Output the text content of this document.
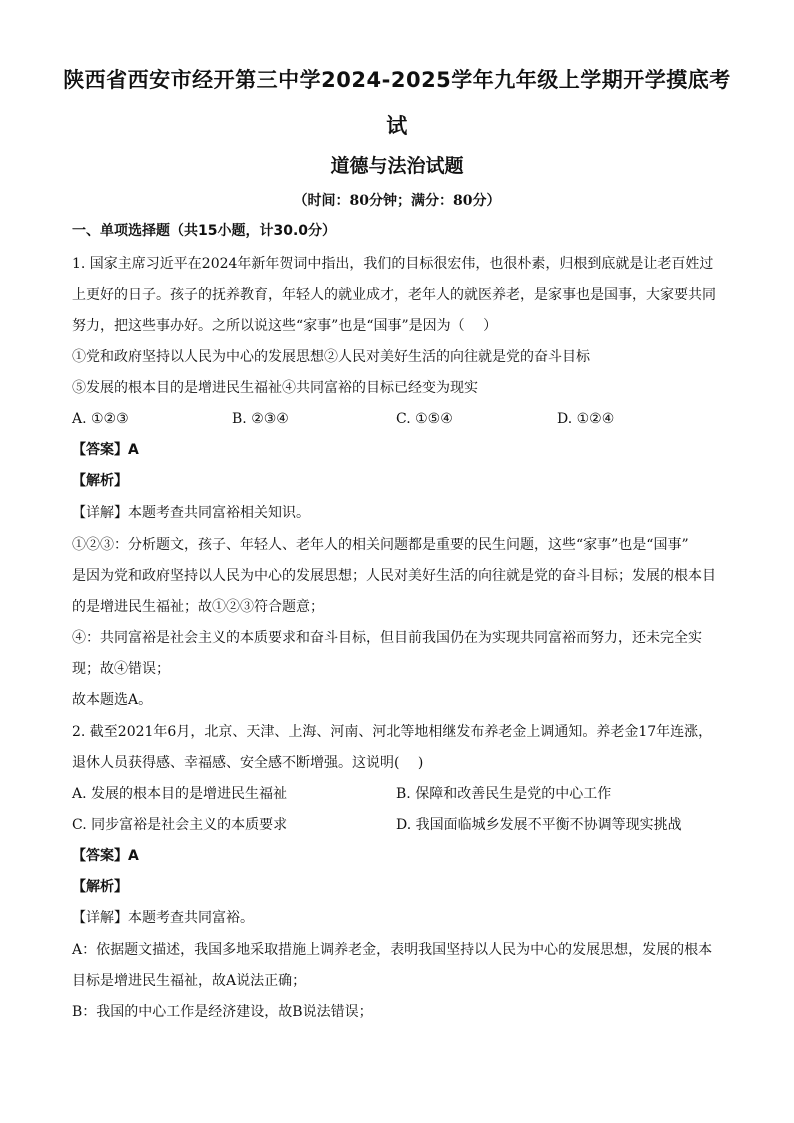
陕西省西安市经开第三中学2024-2025学年九年级上学期开学摸底考
试
道德与法治试题
（时间：80分钟；满分：80分）
一、单项选择题（共15小题，计30.0分）
1. 国家主席习近平在2024年新年贺词中指出，我们的目标很宏伟，也很朴素，归根到底就是让老百姓过
上更好的日子。孩子的抚养教育，年轻人的就业成才，老年人的就医养老，是家事也是国事，大家要共同
努力，把这些事办好。之所以说这些“家事”也是“国事”是因为（　 ）
①党和政府坚持以人民为中心的发展思想②人民对美好生活的向往就是党的奋斗目标
⑤发展的根本目的是增进民生福祉④共同富裕的目标已经变为现实
A. ①②③	B. ②③④	C. ①⑤④	D. ①②④
【答案】A
【解析】
【详解】本题考查共同富裕相关知识。
①②③：分析题文，孩子、年轻人、老年人的相关问题都是重要的民生问题，这些“家事”也是“国事”
是因为党和政府坚持以人民为中心的发展思想；人民对美好生活的向往就是党的奋斗目标；发展的根本目
的是增进民生福祉；故①②③符合题意；
④：共同富裕是社会主义的本质要求和奋斗目标，但目前我国仍在为实现共同富裕而努力，还未完全实
现；故④错误；
故本题选A。
2. 截至2021年6月，北京、天津、上海、河南、河北等地相继发布养老金上调通知。养老金17年连涨，
退休人员获得感、幸福感、安全感不断增强。这说明(　 )
A. 发展的根本目的是增进民生福祉	B. 保障和改善民生是党的中心工作
C. 同步富裕是社会主义的本质要求	D. 我国面临城乡发展不平衡不协调等现实挑战
【答案】A
【解析】
【详解】本题考查共同富裕。
A：依据题文描述，我国多地采取措施上调养老金，表明我国坚持以人民为中心的发展思想，发展的根本
目标是增进民生福祉，故A说法正确；
B：我国的中心工作是经济建设，故B说法错误；
